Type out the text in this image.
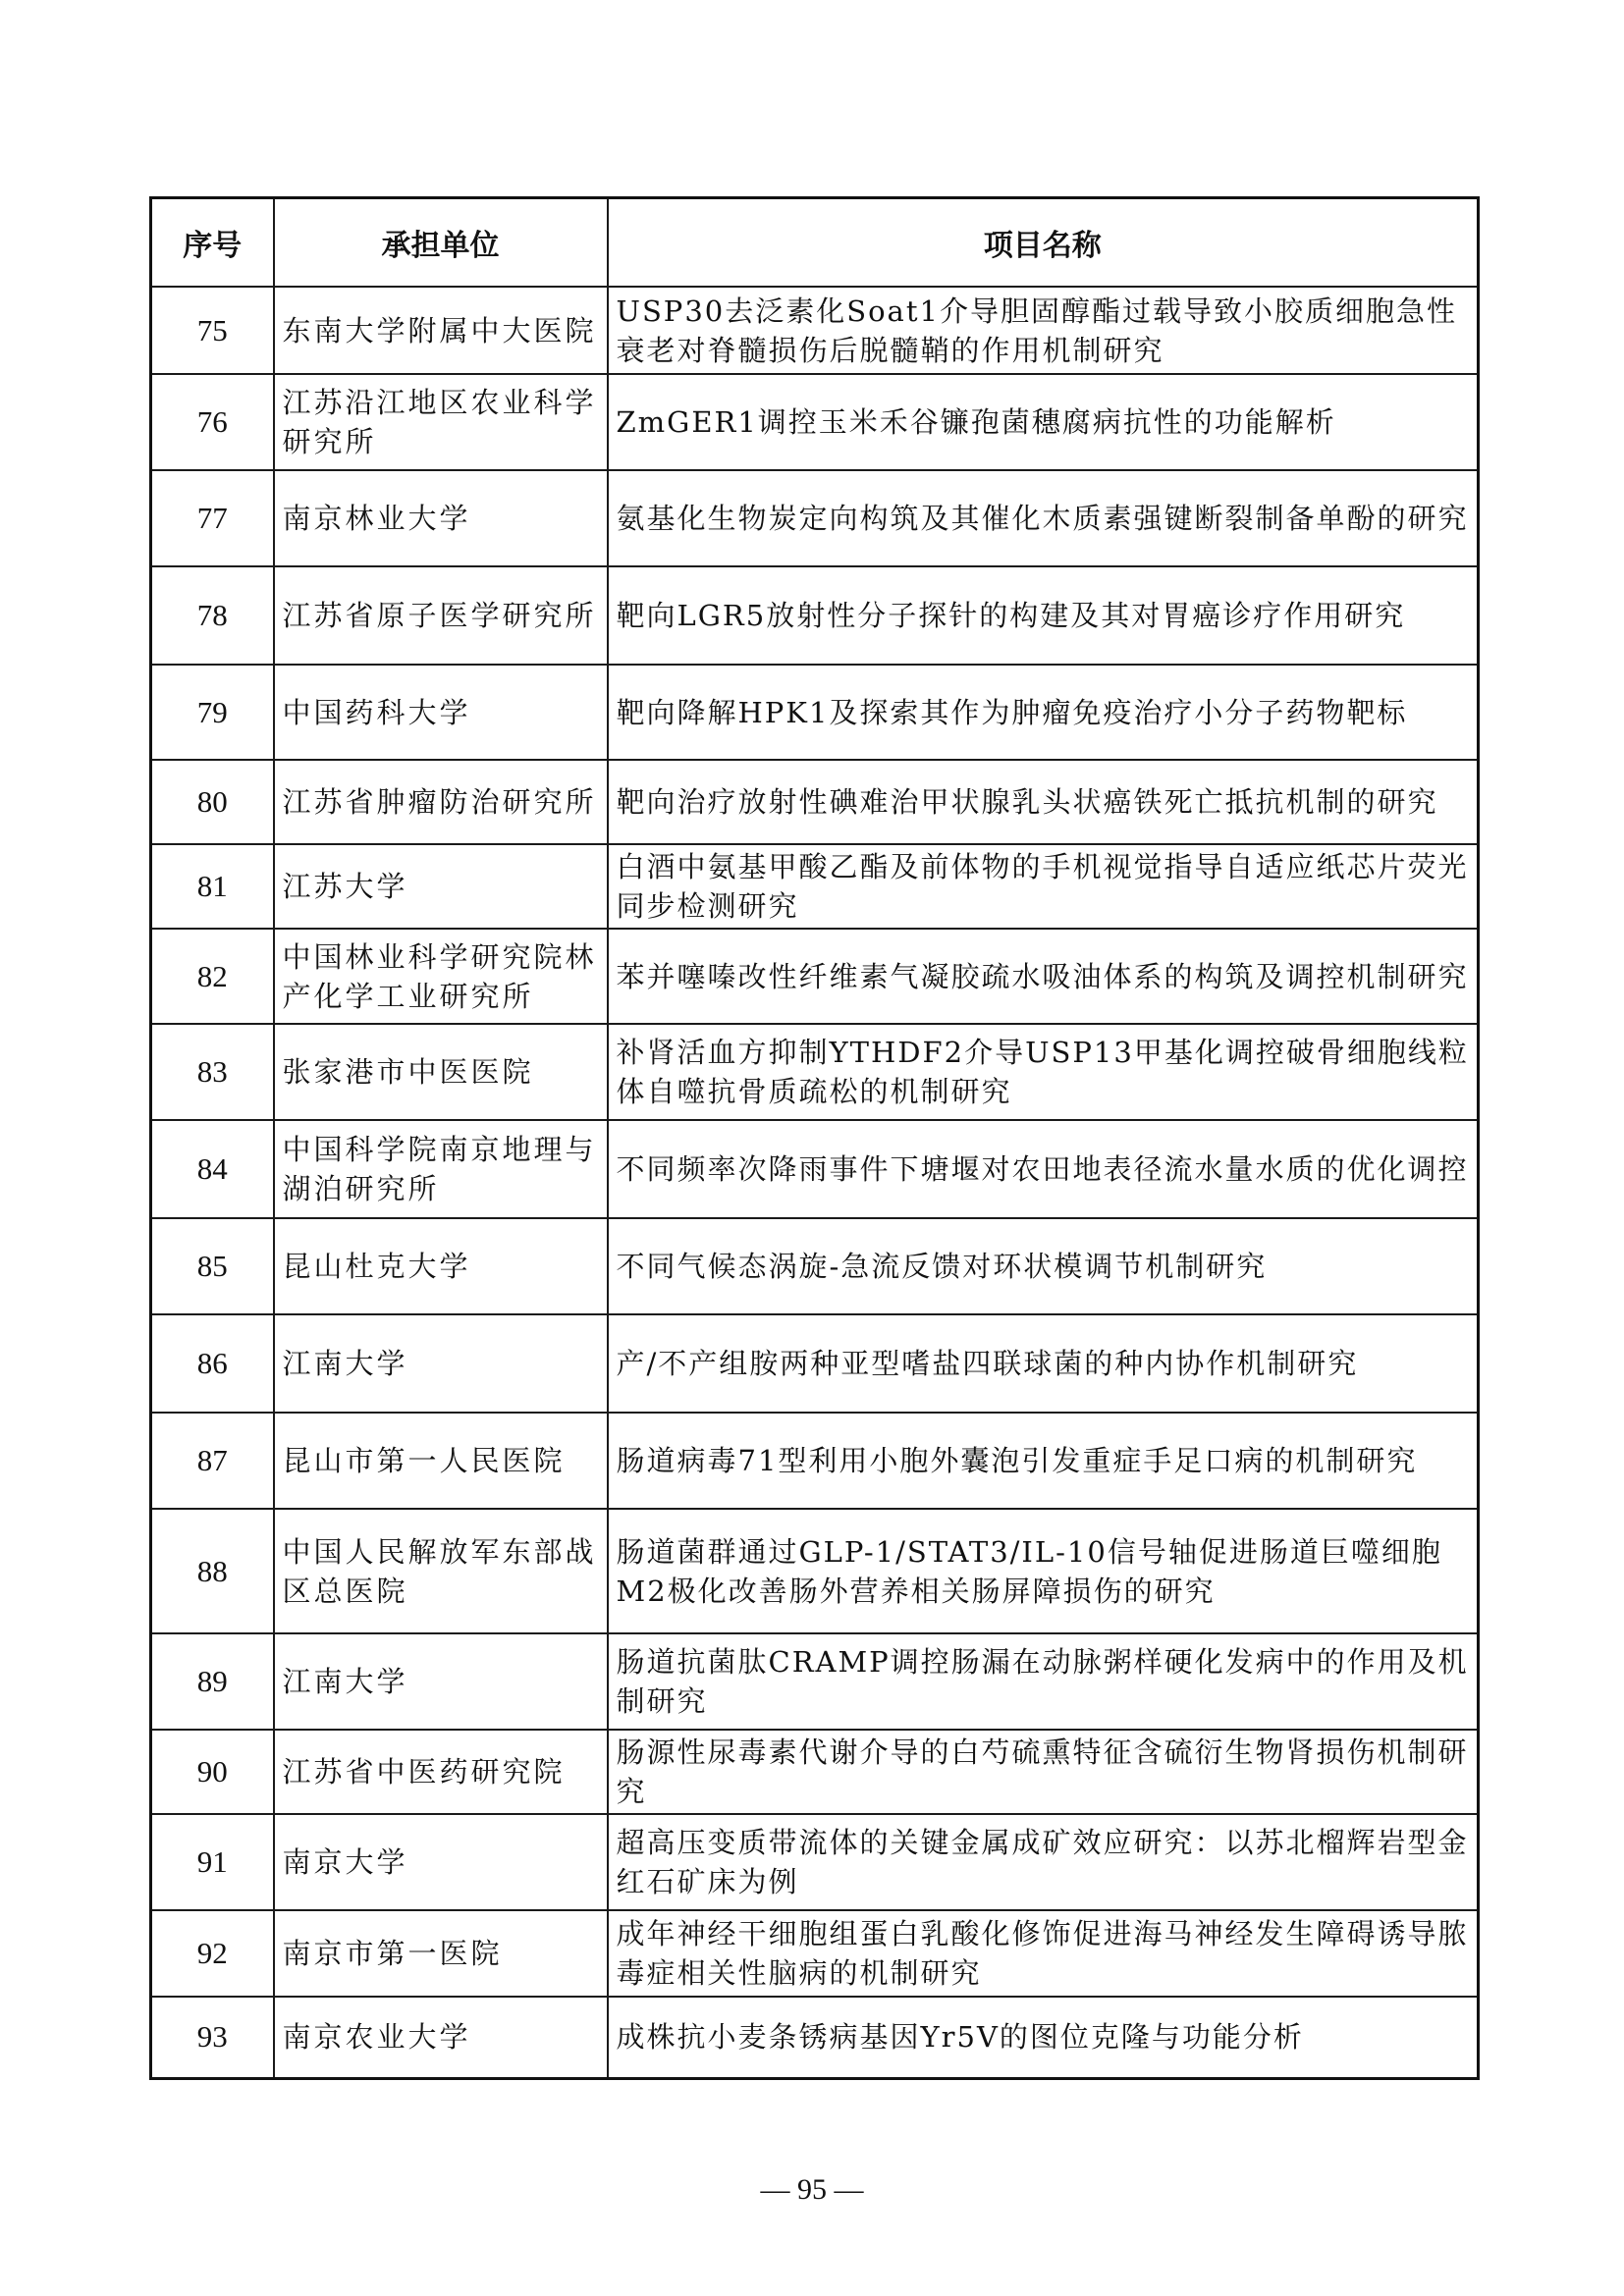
序号	承担单位	项目名称
75	东南大学附属中大医院	USP30去泛素化Soat1介导胆固醇酯过载导致小胶质细胞急性衰老对脊髓损伤后脱髓鞘的作用机制研究
76	江苏沿江地区农业科学研究所	ZmGER1调控玉米禾谷镰孢菌穗腐病抗性的功能解析
77	南京林业大学	氨基化生物炭定向构筑及其催化木质素强键断裂制备单酚的研究
78	江苏省原子医学研究所	靶向LGR5放射性分子探针的构建及其对胃癌诊疗作用研究
79	中国药科大学	靶向降解HPK1及探索其作为肿瘤免疫治疗小分子药物靶标
80	江苏省肿瘤防治研究所	靶向治疗放射性碘难治甲状腺乳头状癌铁死亡抵抗机制的研究
81	江苏大学	白酒中氨基甲酸乙酯及前体物的手机视觉指导自适应纸芯片荧光同步检测研究
82	中国林业科学研究院林产化学工业研究所	苯并噻嗪改性纤维素气凝胶疏水吸油体系的构筑及调控机制研究
83	张家港市中医医院	补肾活血方抑制YTHDF2介导USP13甲基化调控破骨细胞线粒体自噬抗骨质疏松的机制研究
84	中国科学院南京地理与湖泊研究所	不同频率次降雨事件下塘堰对农田地表径流水量水质的优化调控
85	昆山杜克大学	不同气候态涡旋-急流反馈对环状模调节机制研究
86	江南大学	产/不产组胺两种亚型嗜盐四联球菌的种内协作机制研究
87	昆山市第一人民医院	肠道病毒71型利用小胞外囊泡引发重症手足口病的机制研究
88	中国人民解放军东部战区总医院	肠道菌群通过GLP-1/STAT3/IL-10信号轴促进肠道巨噬细胞M2极化改善肠外营养相关肠屏障损伤的研究
89	江南大学	肠道抗菌肽CRAMP调控肠漏在动脉粥样硬化发病中的作用及机制研究
90	江苏省中医药研究院	肠源性尿毒素代谢介导的白芍硫熏特征含硫衍生物肾损伤机制研究
91	南京大学	超高压变质带流体的关键金属成矿效应研究：以苏北榴辉岩型金红石矿床为例
92	南京市第一医院	成年神经干细胞组蛋白乳酸化修饰促进海马神经发生障碍诱导脓毒症相关性脑病的机制研究
93	南京农业大学	成株抗小麦条锈病基因Yr5V的图位克隆与功能分析
— 95 —
